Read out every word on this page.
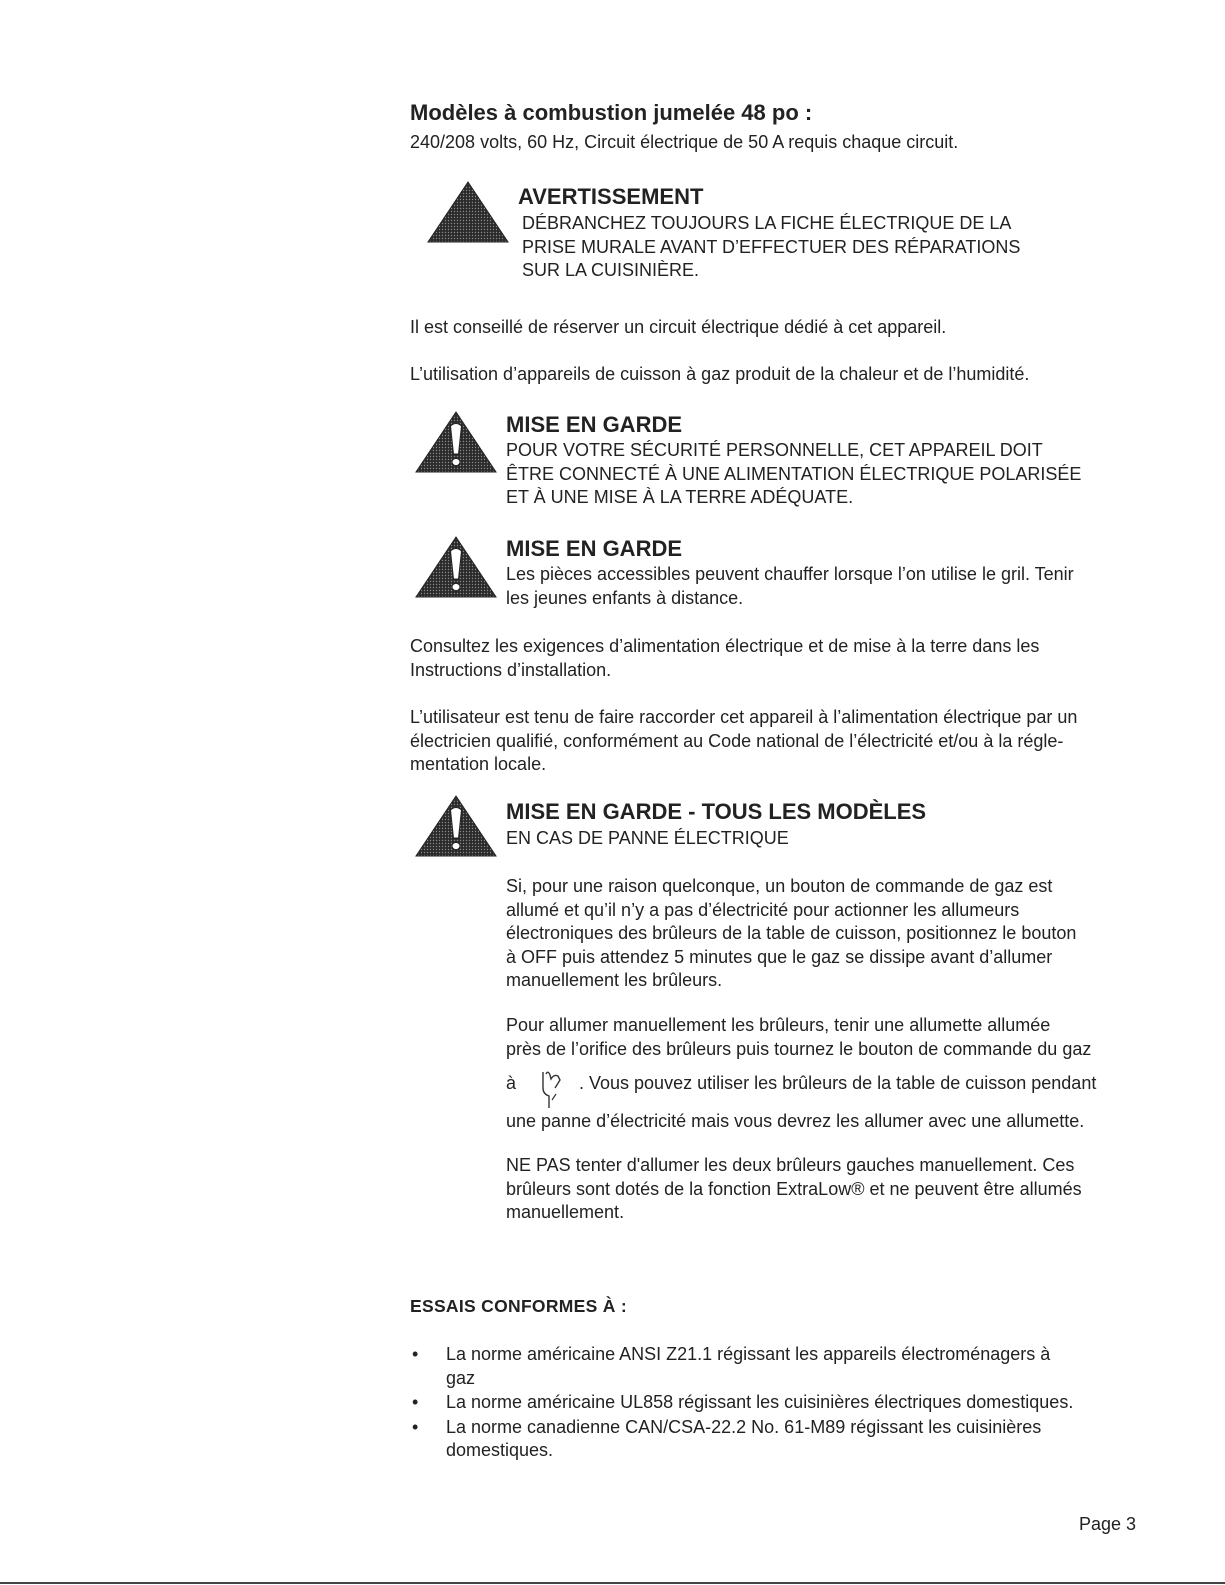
Modèles à combustion jumelée 48 po :
240/208 volts, 60 Hz, Circuit électrique de 50 A requis chaque circuit.
AVERTISSEMENT

DÉBRANCHEZ TOUJOURS LA FICHE ÉLECTRIQUE DE LA

PRISE MURALE AVANT D’EFFECTUER DES RÉPARATIONS

SUR LA CUISINIÈRE.

Il est conseillé de réserver un circuit électrique dédié à cet appareil.

L’utilisation d’appareils de cuisson à gaz produit de la chaleur et de l’humidité.

MISE EN GARDE

POUR VOTRE SÉCURITÉ PERSONNELLE, CET APPAREIL DOIT

ÊTRE CONNECTÉ À UNE ALIMENTATION ÉLECTRIQUE POLARISÉE

ET À UNE MISE À LA TERRE ADÉQUATE.

MISE EN GARDE

Les pièces accessibles peuvent chauffer lorsque l’on utilise le gril. Tenir

les jeunes enfants à distance.

Consultez les exigences d’alimentation électrique et de mise à la terre dans les

Instructions d’installation.

L’utilisateur est tenu de faire raccorder cet appareil à l’alimentation électrique par un

électricien qualifié, conformément au Code national de l’électricité et/ou à la régle-

mentation locale.

MISE EN GARDE - TOUS LES MODÈLES

EN CAS DE PANNE ÉLECTRIQUE

Si, pour une raison quelconque, un bouton de commande de gaz est

allumé et qu’il n’y a pas d’électricité pour actionner les allumeurs

électroniques des brûleurs de la table de cuisson, positionnez le bouton

à OFF puis attendez 5 minutes que le gaz se dissipe avant d’allumer

manuellement les brûleurs.

Pour allumer manuellement les brûleurs, tenir une allumette allumée

près de l’orifice des brûleurs puis tournez le bouton de commande du gaz

à	. Vous pouvez utiliser les brûleurs de la table de cuisson pendant

une panne d’électricité mais vous devrez les allumer avec une allumette.

NE PAS tenter d'allumer les deux brûleurs gauches manuellement. Ces

brûleurs sont dotés de la fonction ExtraLow® et ne peuvent être allumés

manuellement.

ESSAIS CONFORMES À :
• La norme américaine ANSI Z21.1 régissant les appareils électroménagers à
gaz
• La norme américaine UL858 régissant les cuisinières électriques domestiques.
• La norme canadienne CAN/CSA-22.2 No. 61-M89 régissant les cuisinières
domestiques.
Page 3
